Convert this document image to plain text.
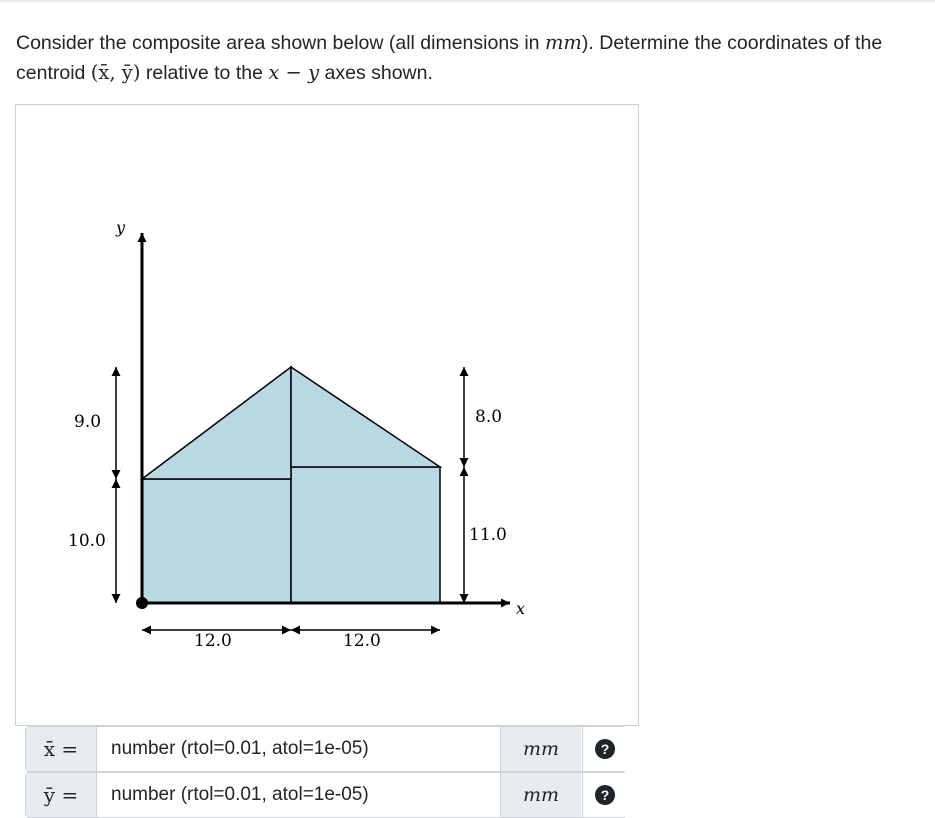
Consider the composite area shown below (all dimensions in mm). Determine the coordinates of the centroid (x̄, ȳ) relative to the x − y axes shown.
y
x
9.0
10.0
12.0	12.0
8.0
11.0
x̄ =
number (rtol=0.01, atol=1e-05)	mm	?
ȳ =
number (rtol=0.01, atol=1e-05)	mm	?
